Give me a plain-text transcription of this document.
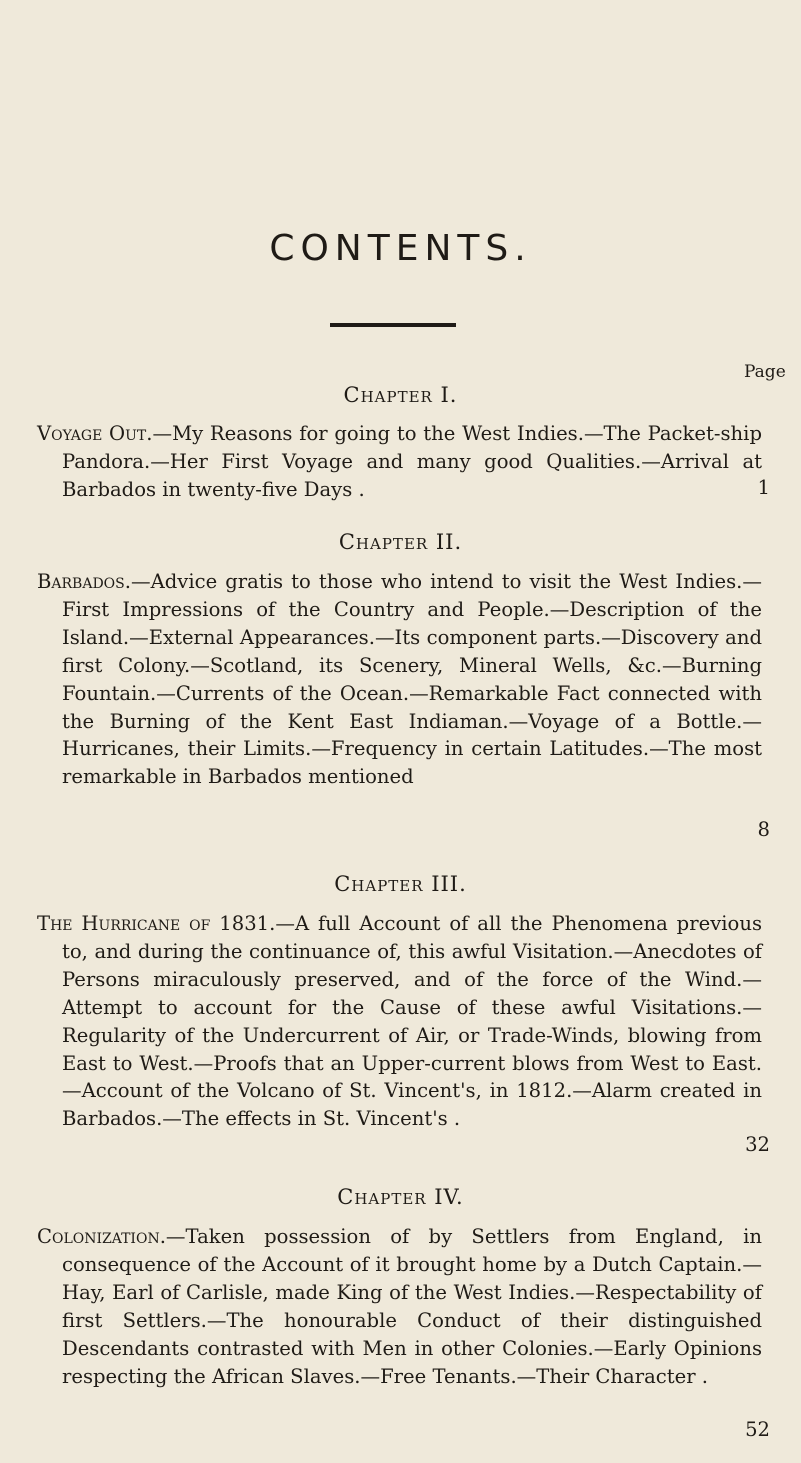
CONTENTS.
Page
Chapter I.

Voyage Out.—My Reasons for going to the West Indies.—The Packet-ship Pandora.—Her First Voyage and many good Qualities.—Arrival at Barbados in twenty-five Days .	1
Chapter II.

Barbados.—Advice gratis to those who intend to visit the West Indies.—First Impressions of the Country and People.—Description of the Island.—External Appearances.—Its component parts.—Discovery and first Colony.—Scotland, its Scenery, Mineral Wells, &c.—Burning Fountain.—Currents of the Ocean.—Remarkable Fact connected with the Burning of the Kent East Indiaman.—Voyage of a Bottle.—Hurricanes, their Limits.—Frequency in certain Latitudes.—The most remarkable in Barbados mentioned

8
Chapter III.

The Hurricane of 1831.—A full Account of all the Phenomena previous to, and during the continuance of, this awful Visitation.—Anecdotes of Persons miraculously preserved, and of the force of the Wind.—Attempt to account for the Cause of these awful Visitations.—Regularity of the Undercurrent of Air, or Trade-Winds, blowing from East to West.—Proofs that an Upper-current blows from West to East.—Account of the Volcano of St. Vincent's, in 1812.—Alarm created in Barbados.—The effects in St. Vincent's .

32
Chapter IV.

Colonization.—Taken possession of by Settlers from England, in consequence of the Account of it brought home by a Dutch Captain.—Hay, Earl of Carlisle, made King of the West Indies.—Respectability of first Settlers.—The honourable Conduct of their distinguished Descendants contrasted with Men in other Colonies.—Early Opinions respecting the African Slaves.—Free Tenants.—Their Character .

52
